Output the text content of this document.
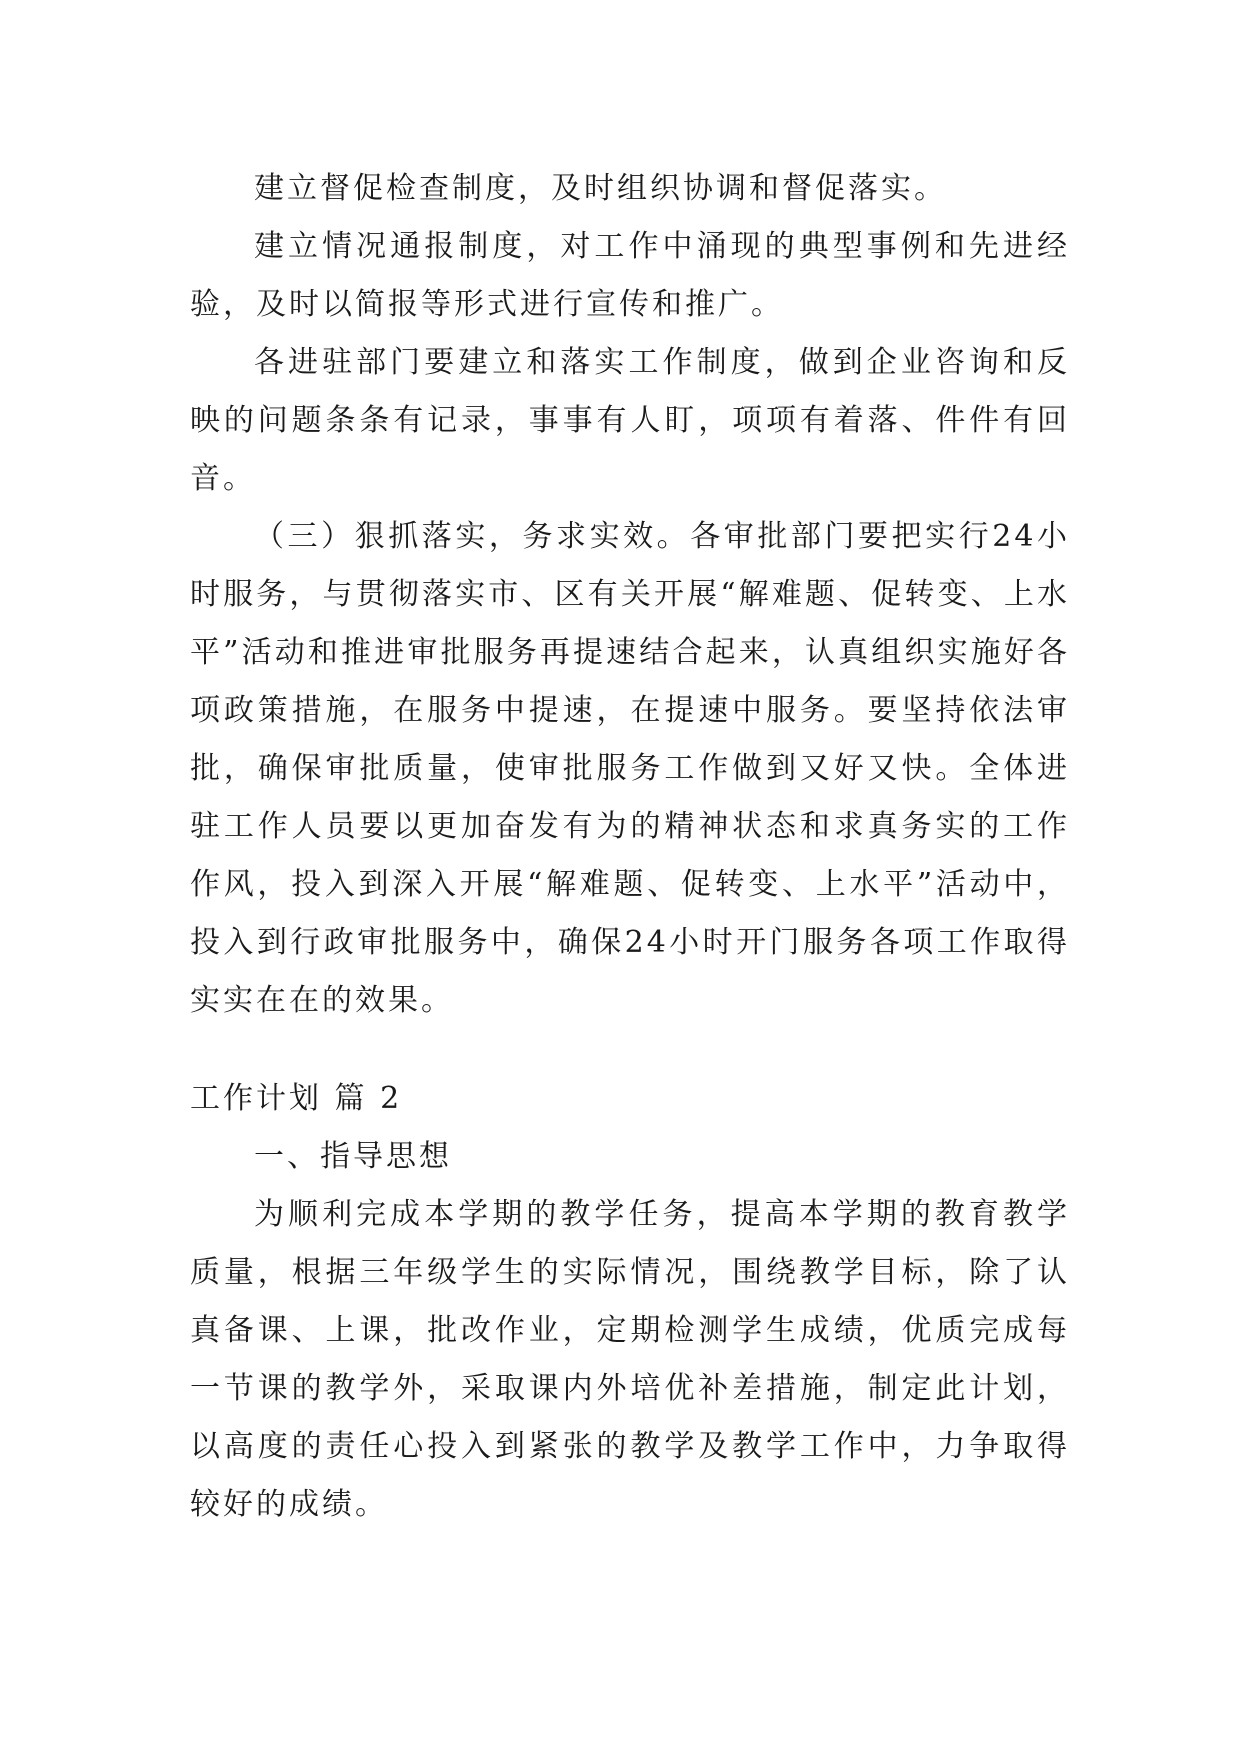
建立督促检查制度，及时组织协调和督促落实。

建立情况通报制度，对工作中涌现的典型事例和先进经验，及时以简报等形式进行宣传和推广。

各进驻部门要建立和落实工作制度，做到企业咨询和反映的问题条条有记录，事事有人盯，项项有着落、件件有回音。

（三）狠抓落实，务求实效。各审批部门要把实行24小时服务，与贯彻落实市、区有关开展“解难题、促转变、上水平”活动和推进审批服务再提速结合起来，认真组织实施好各项政策措施，在服务中提速，在提速中服务。要坚持依法审批，确保审批质量，使审批服务工作做到又好又快。全体进驻工作人员要以更加奋发有为的精神状态和求真务实的工作作风，投入到深入开展“解难题、促转变、上水平”活动中，投入到行政审批服务中，确保24小时开门服务各项工作取得实实在在的效果。

工作计划 篇 2

一、指导思想

为顺利完成本学期的教学任务，提高本学期的教育教学质量，根据三年级学生的实际情况，围绕教学目标，除了认真备课、上课，批改作业，定期检测学生成绩，优质完成每一节课的教学外，采取课内外培优补差措施，制定此计划，以高度的责任心投入到紧张的教学及教学工作中，力争取得较好的成绩。
